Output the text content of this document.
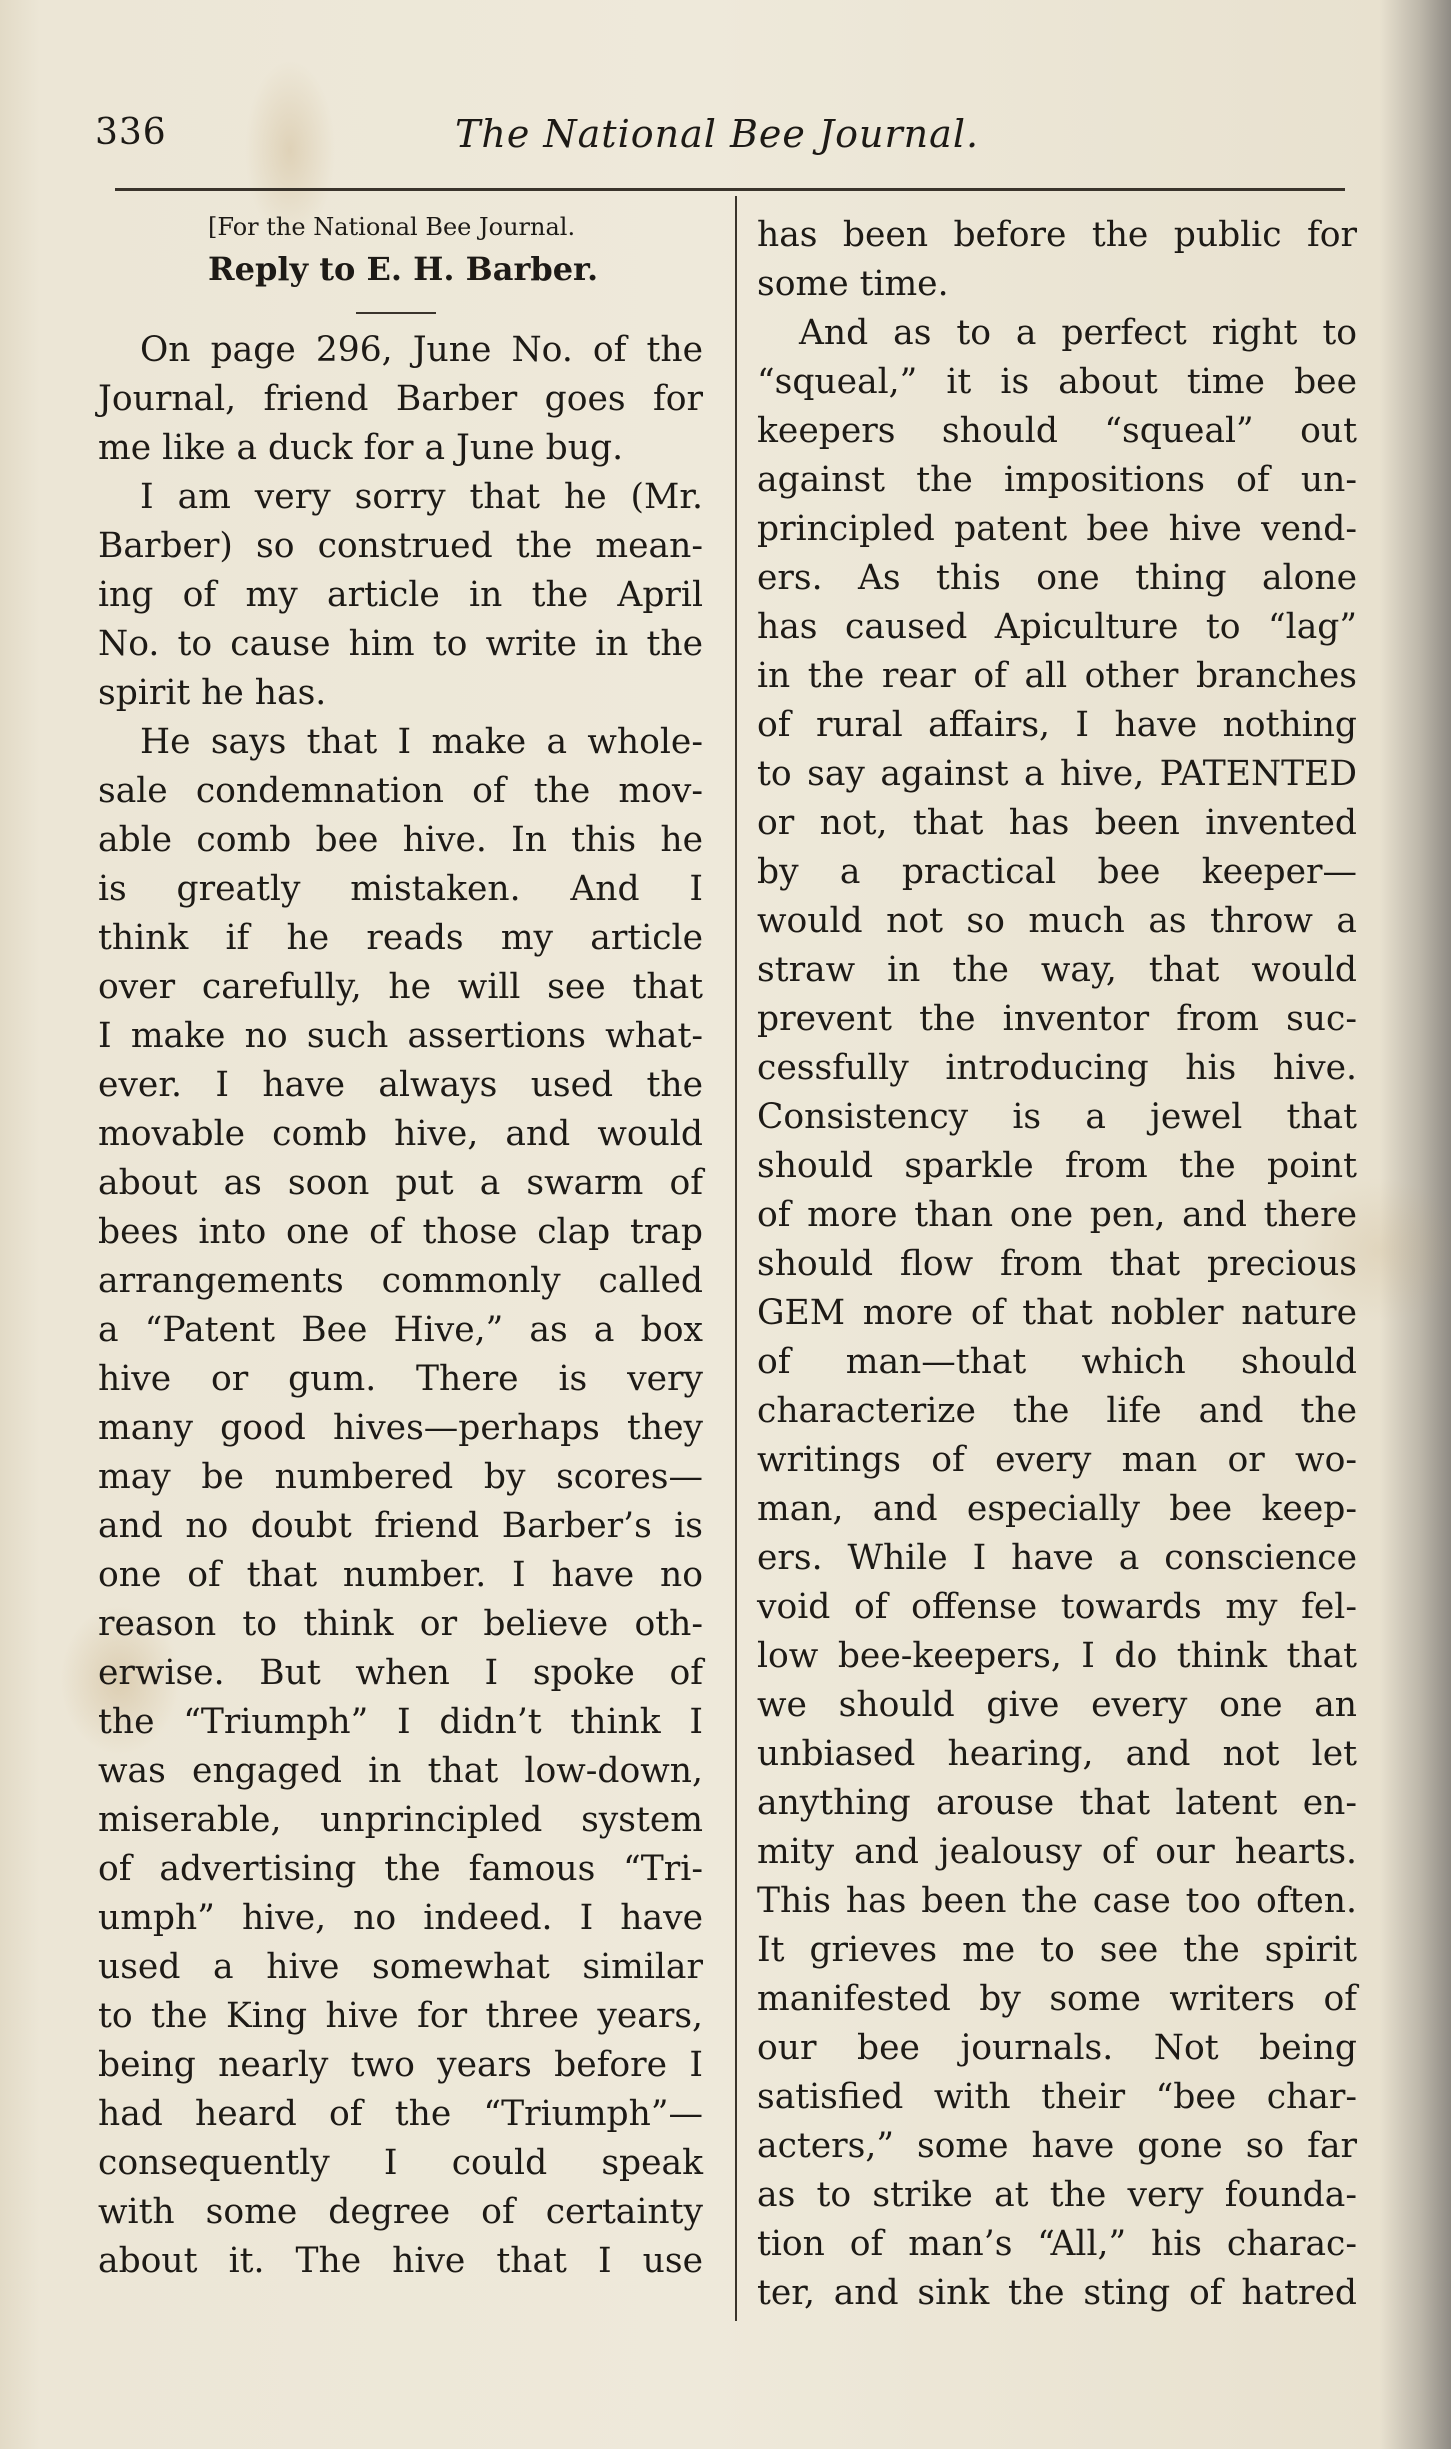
336	The National Bee Journal.
[For the National Bee Journal.
Reply to E. H. Barber.
On page 296, June No. of the
Journal, friend Barber goes for
me like a duck for a June bug.
I am very sorry that he (Mr.
Barber) so construed the mean-
ing of my article in the April
No. to cause him to write in the
spirit he has.
He says that I make a whole-
sale condemnation of the mov-
able comb bee hive. In this he
is greatly mistaken. And I
think if he reads my article
over carefully, he will see that
I make no such assertions what-
ever. I have always used the
movable comb hive, and would
about as soon put a swarm of
bees into one of those clap trap
arrangements commonly called
a “Patent Bee Hive,” as a box
hive or gum. There is very
many good hives—perhaps they
may be numbered by scores—
and no doubt friend Barber’s is
one of that number. I have no
reason to think or believe oth-
erwise. But when I spoke of
the “Triumph” I didn’t think I
was engaged in that low-down,
miserable, unprincipled system
of advertising the famous “Tri-
umph” hive, no indeed. I have
used a hive somewhat similar
to the King hive for three years,
being nearly two years before I
had heard of the “Triumph”—
consequently I could speak
with some degree of certainty
about it. The hive that I use
has been before the public for
some time.
And as to a perfect right to
“squeal,” it is about time bee
keepers should “squeal” out
against the impositions of un-
principled patent bee hive vend-
ers. As this one thing alone
has caused Apiculture to “lag”
in the rear of all other branches
of rural affairs, I have nothing
to say against a hive, PATENTED
or not, that has been invented
by a practical bee keeper—
would not so much as throw a
straw in the way, that would
prevent the inventor from suc-
cessfully introducing his hive.
Consistency is a jewel that
should sparkle from the point
of more than one pen, and there
should flow from that precious
GEM more of that nobler nature
of man—that which should
characterize the life and the
writings of every man or wo-
man, and especially bee keep-
ers. While I have a conscience
void of offense towards my fel-
low bee-keepers, I do think that
we should give every one an
unbiased hearing, and not let
anything arouse that latent en-
mity and jealousy of our hearts.
This has been the case too often.
It grieves me to see the spirit
manifested by some writers of
our bee journals. Not being
satisfied with their “bee char-
acters,” some have gone so far
as to strike at the very founda-
tion of man’s “All,” his charac-
ter, and sink the sting of hatred
